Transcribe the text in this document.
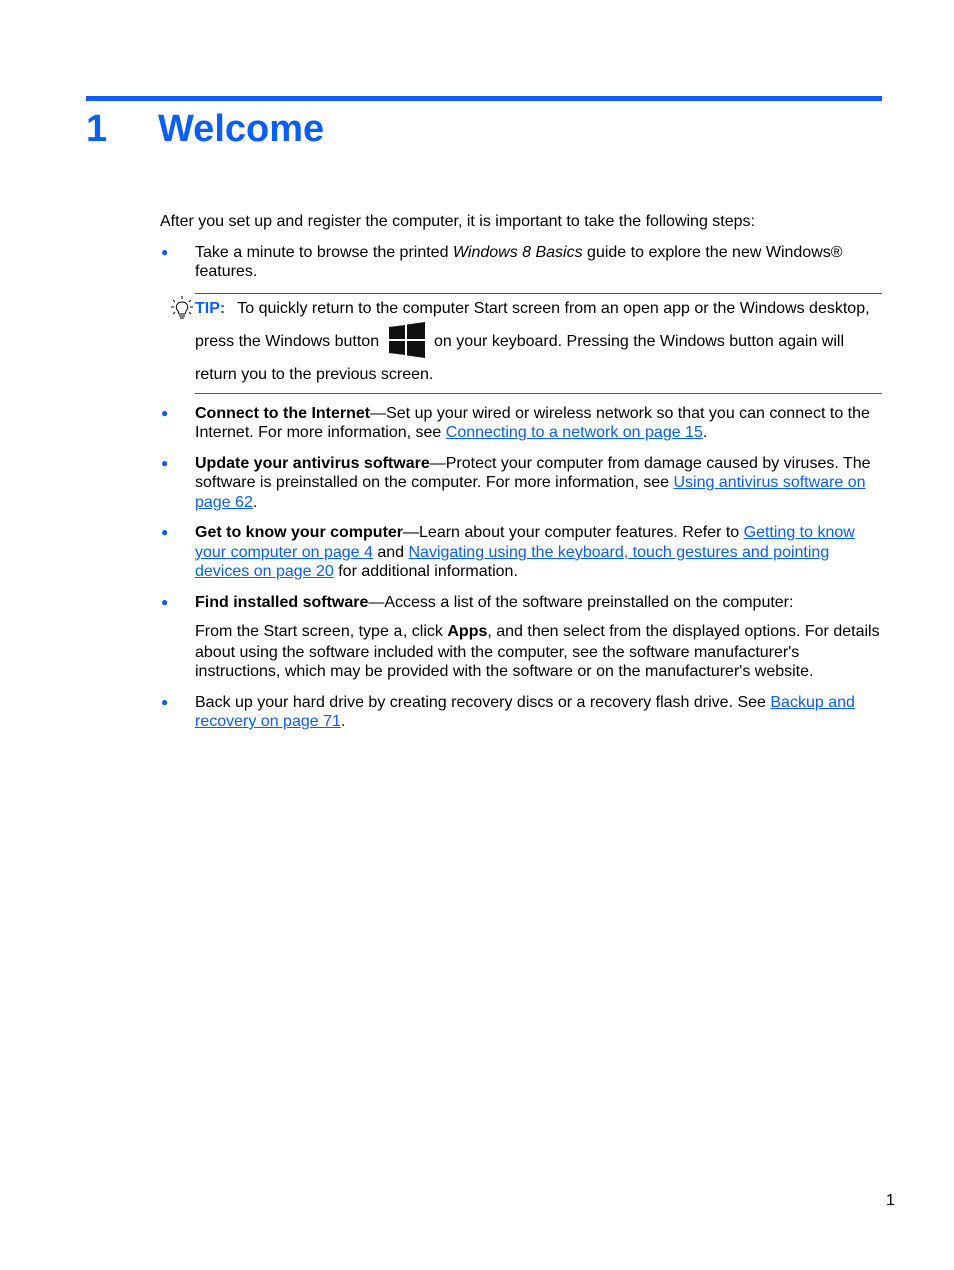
1 Welcome

After you set up and register the computer, it is important to take the following steps:

● Take a minute to browse the printed Windows 8 Basics guide to explore the new Windows® features.
TIP: To quickly return to the computer Start screen from an open app or the Windows desktop, press the Windows button	on your keyboard. Pressing the Windows button again will return you to the previous screen.
● Connect to the Internet—Set up your wired or wireless network so that you can connect to the Internet. For more information, see Connecting to a network on page 15.
● Update your antivirus software—Protect your computer from damage caused by viruses. The software is preinstalled on the computer. For more information, see Using antivirus software on page 62.
● Get to know your computer—Learn about your computer features. Refer to Getting to know your computer on page 4 and Navigating using the keyboard, touch gestures and pointing devices on page 20 for additional information.
● Find installed software—Access a list of the software preinstalled on the computer:

From the Start screen, type a, click Apps, and then select from the displayed options. For details about using the software included with the computer, see the software manufacturer's instructions, which may be provided with the software or on the manufacturer's website.

● Back up your hard drive by creating recovery discs or a recovery flash drive. See Backup and recovery on page 71.
1
